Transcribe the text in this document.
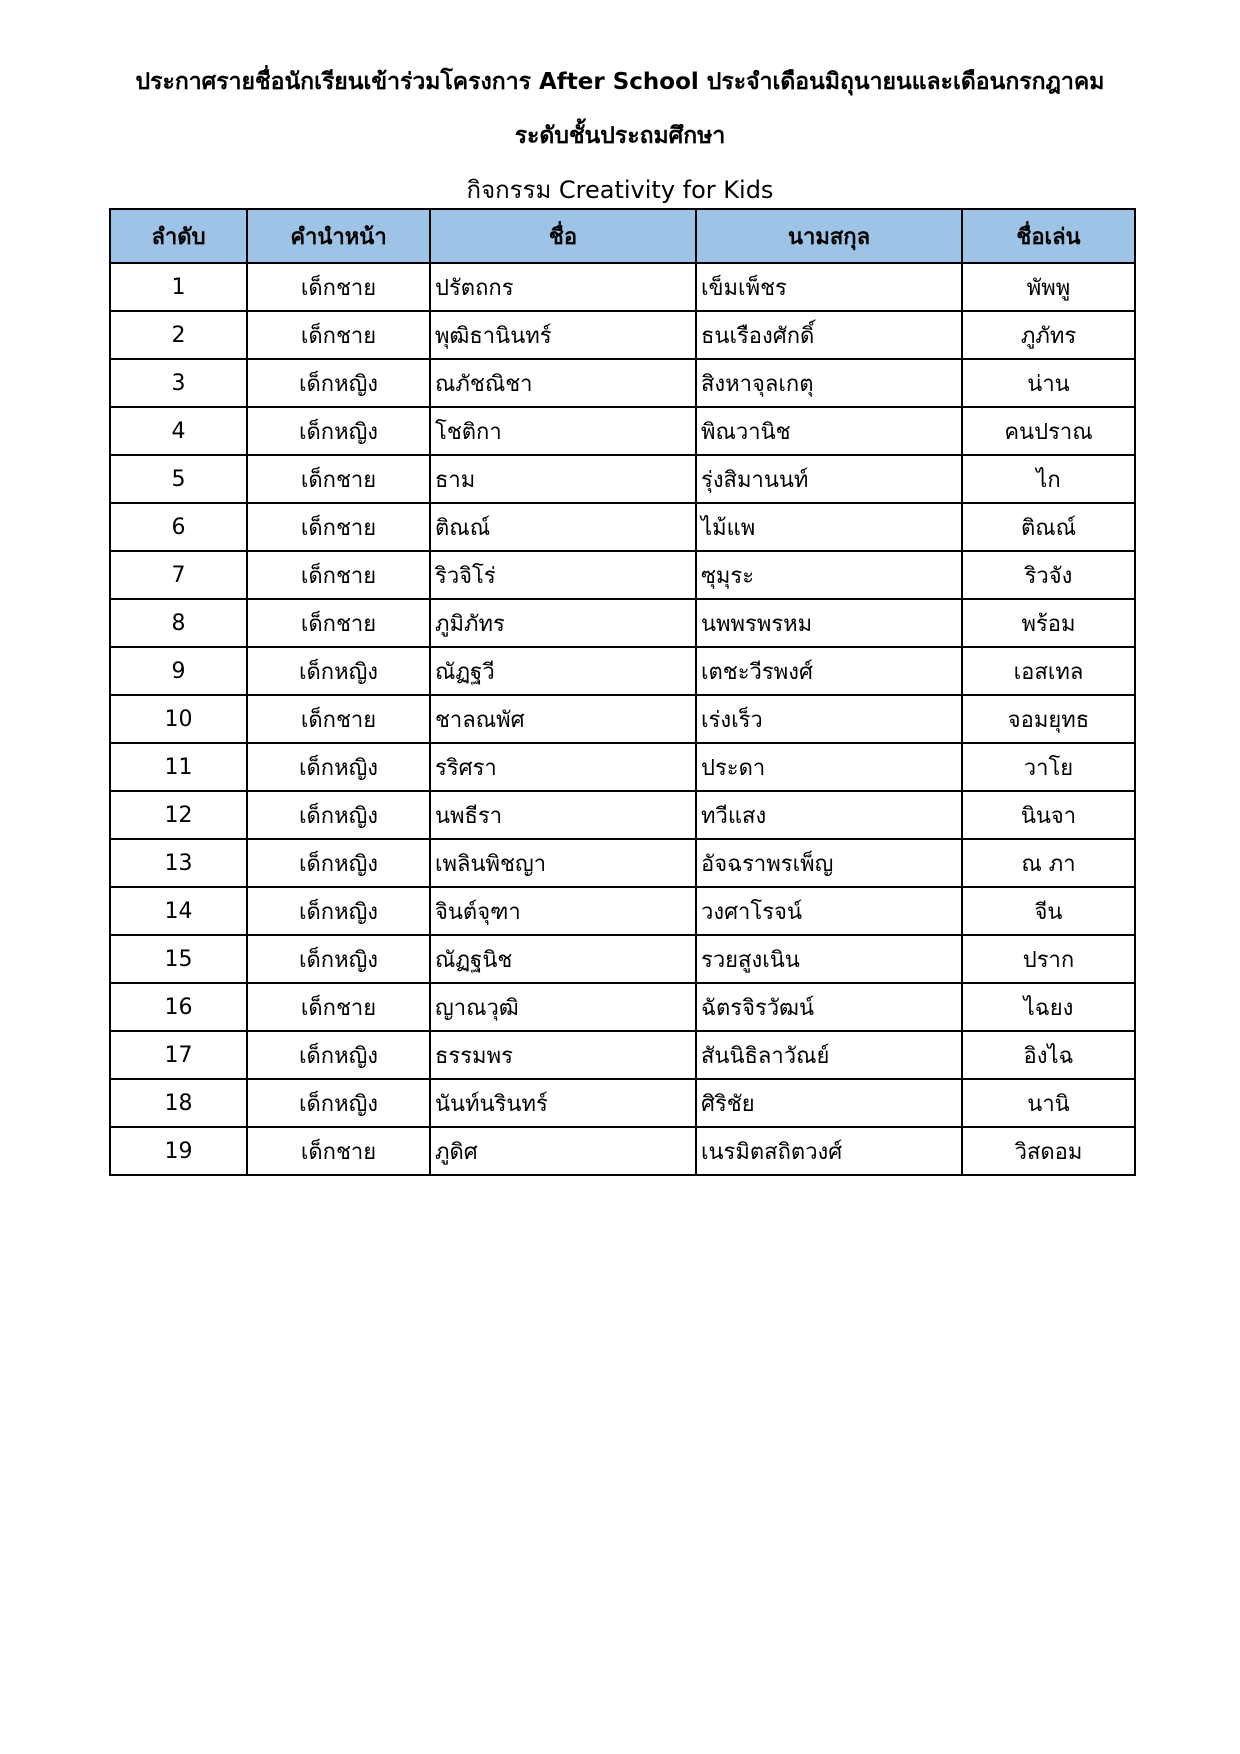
ประกาศรายชื่อนักเรียนเข้าร่วมโครงการ After School ประจำเดือนมิถุนายนและเดือนกรกฎาคม
ระดับชั้นประถมศึกษา
กิจกรรม Creativity for Kids
ลำดับ	คำนำหน้า	ชื่อ	นามสกุล	ชื่อเล่น
1	เด็กชาย	ปรัตถกร	เข็มเพ็ชร	พัพพู
2	เด็กชาย	พุฒิธานินทร์	ธนเรืองศักดิ์	ภูภัทร
3	เด็กหญิง	ณภัชณิชา	สิงหาจุลเกตุ	น่าน
4	เด็กหญิง	โชติกา	พิณวานิช	คนปราณ
5	เด็กชาย	ธาม	รุ่งสิมานนท์	ไก
6	เด็กชาย	ติณณ์	ไม้แพ	ติณณ์
7	เด็กชาย	ริวจิโร่	ซุมุระ	ริวจัง
8	เด็กชาย	ภูมิภัทร	นพพรพรหม	พร้อม
9	เด็กหญิง	ณัฏฐวี	เตชะวีรพงศ์	เอสเทล
10	เด็กชาย	ชาลณพัศ	เร่งเร็ว	จอมยุทธ
11	เด็กหญิง	รริศรา	ประดา	วาโย
12	เด็กหญิง	นพธีรา	ทวีแสง	นินจา
13	เด็กหญิง	เพลินพิชญา	อัจฉราพรเพ็ญ	ณ ภา
14	เด็กหญิง	จินต์จุฑา	วงศาโรจน์	จีน
15	เด็กหญิง	ณัฏฐนิช	รวยสูงเนิน	ปราก
16	เด็กชาย	ญาณวุฒิ	ฉัตรจิรวัฒน์	ไฉยง
17	เด็กหญิง	ธรรมพร	สันนิธิลาวัณย์	อิงไฉ
18	เด็กหญิง	นันท์นรินทร์	ศิริชัย	นานิ
19	เด็กชาย	ภูดิศ	เนรมิตสถิตวงศ์	วิสดอม
